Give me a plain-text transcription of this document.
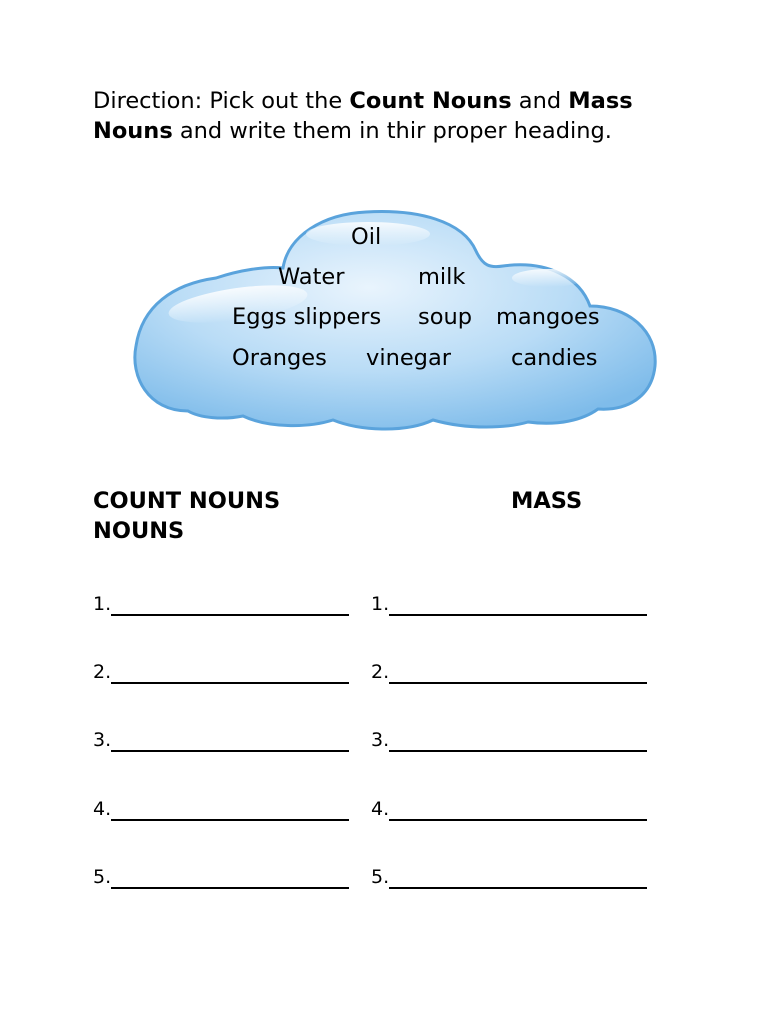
Direction: Pick out the Count Nouns and Mass Nouns and write them in thir proper heading.

Oil
Water	milk
Eggs slippers soup mangoes
Oranges vinegar	candies
COUNT NOUNS	MASS
NOUNS
1.	1.
2.	2.
3.	3.
4.	4.
5.	5.
